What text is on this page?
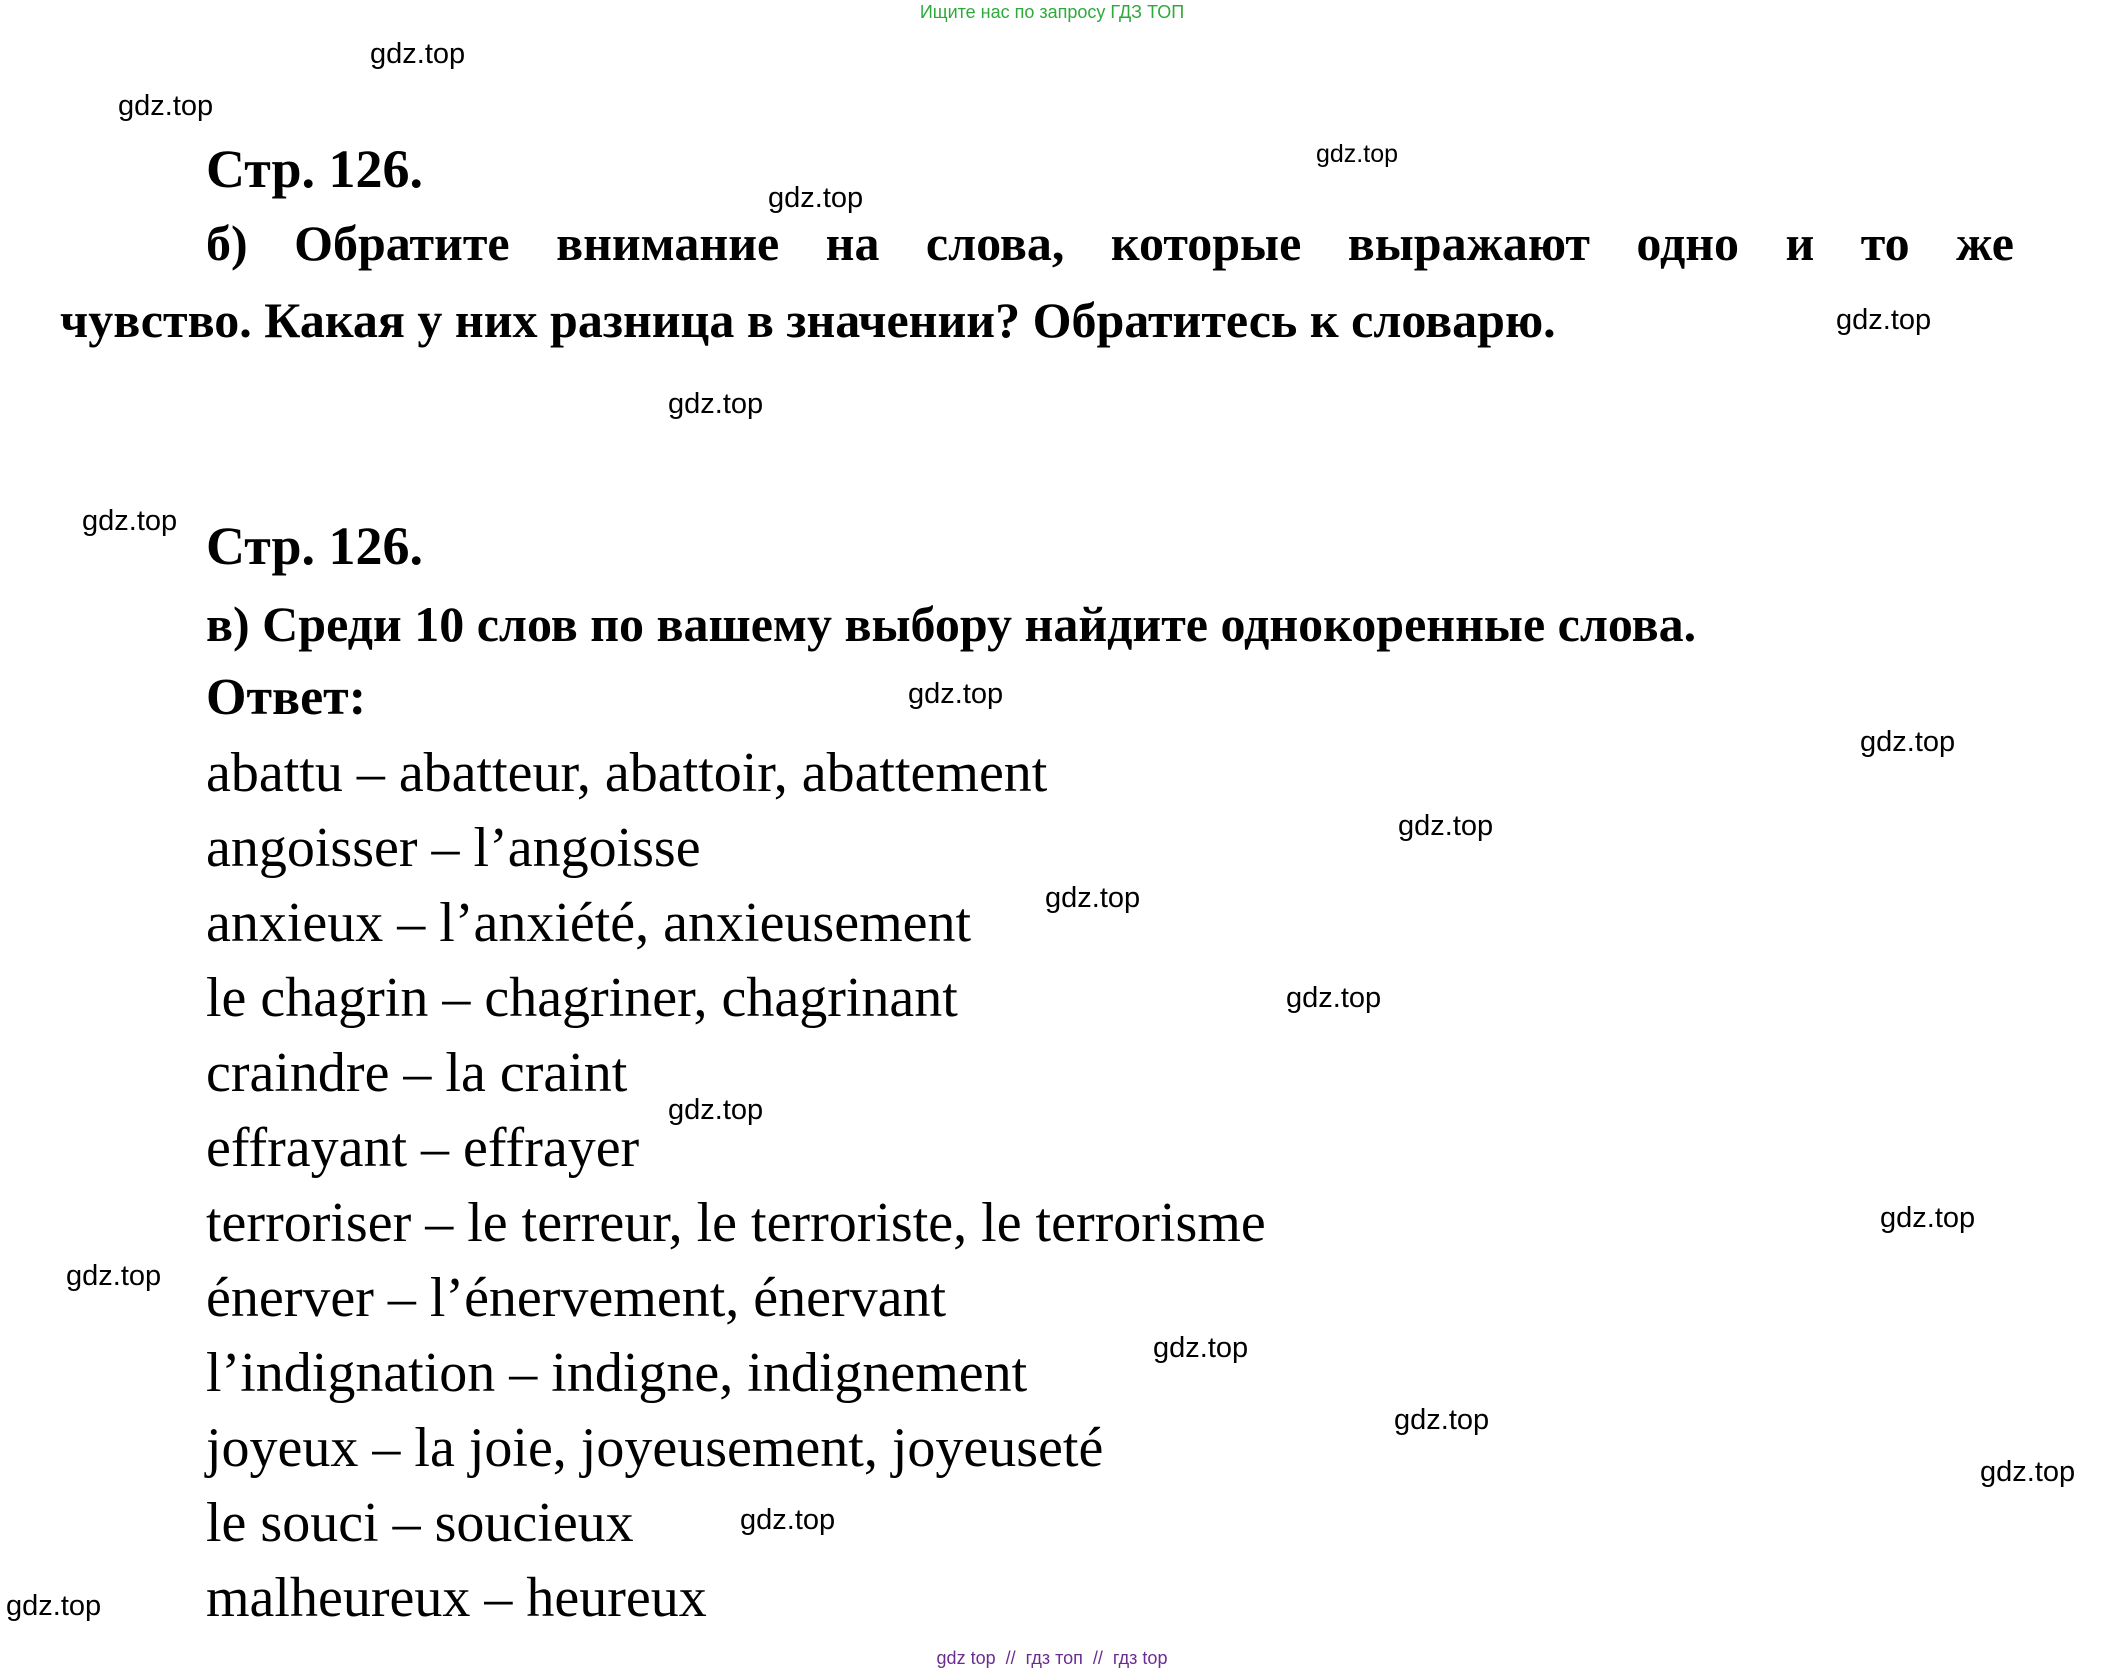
Ищите нас по запросу ГДЗ ТОП
Стр. 126.
б) Обратите внимание на слова, которые выражают одно и то же
чувство. Какая у них разница в значении? Обратитесь к словарю.
Стр. 126.
в) Среди 10 слов по вашему выбору найдите однокоренные слова.
Ответ:
abattu – abatteur, abattoir, abattement
angoisser – l’angoisse
anxieux – l’anxiété, anxieusement
le chagrin – chagriner, chagrinant
craindre – la craint
effrayant – effrayer
terroriser – le terreur, le terroriste, le terrorisme
énerver – l’énervement, énervant
l’indignation – indigne, indignement
joyeux – la joie, joyeusement, joyeuseté
le souci – soucieux
malheureux – heureux
gdz.top
gdz.top
gdz.top
gdz.top
gdz.top
gdz.top
gdz.top
gdz.top
gdz.top
gdz.top
gdz.top
gdz.top
gdz.top
gdz.top
gdz.top
gdz.top
gdz.top
gdz.top
gdz.top
gdz.top
gdz top  //  гдз топ  //  гдз top
